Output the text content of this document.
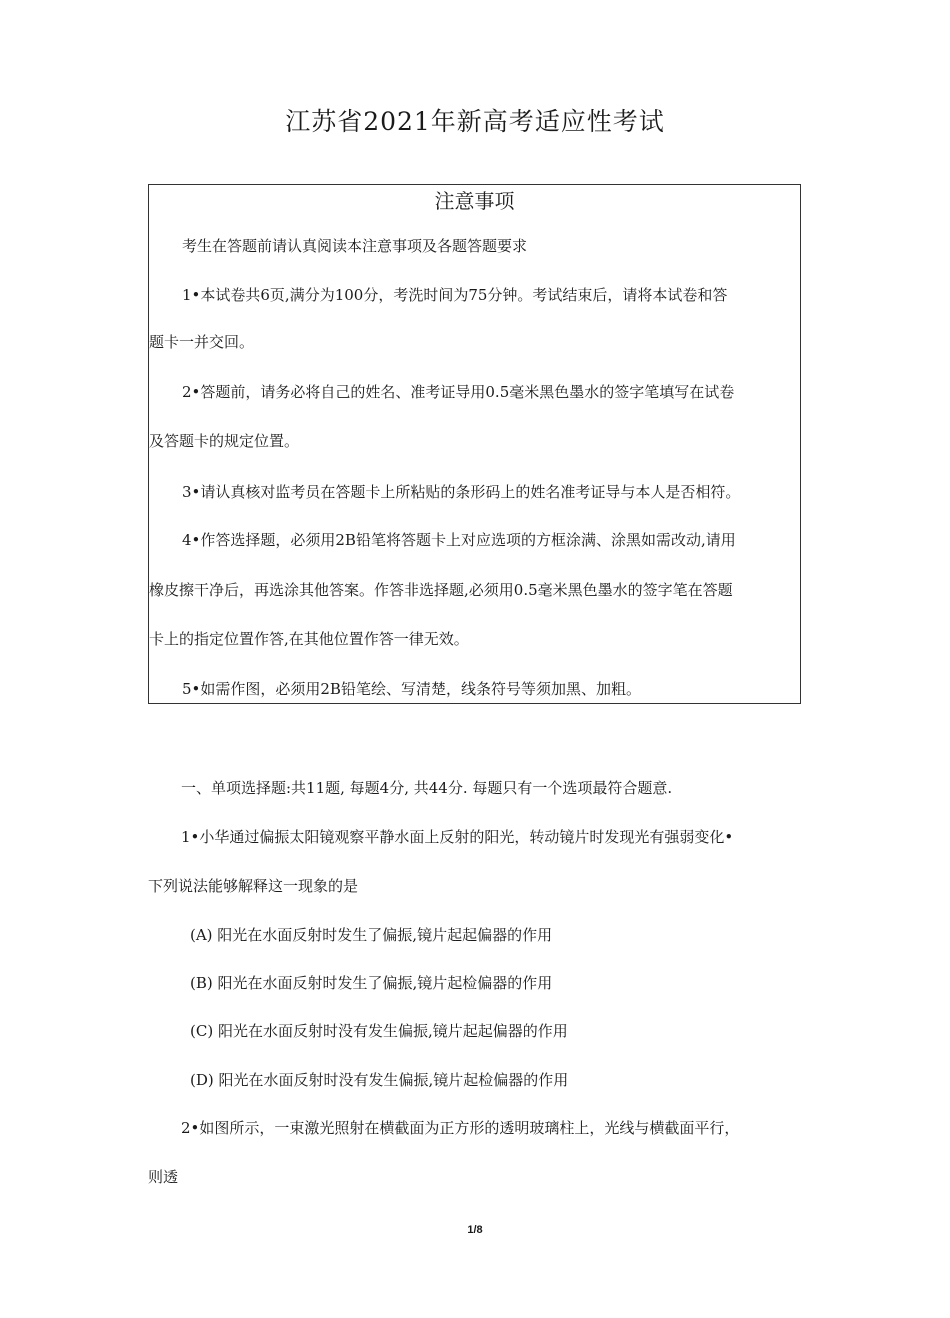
江苏省2021年新高考适应性考试
注意事项
考生在答题前请认真阅读本注意事项及各题答题要求
1•本试卷共6页,满分为100分，考洗时间为75分钟。考试结束后，请将本试卷和答
题卡一并交回。
2•答题前，请务必将自己的姓名、准考证导用0.5毫米黑色墨水的签字笔填写在试卷
及答题卡的规定位置。
3•请认真核对监考员在答题卡上所粘贴的条形码上的姓名准考证导与本人是否相符。
4•作答选择题，必须用2B铅笔将答题卡上对应选项的方框涂满、涂黑如需改动,请用
橡皮擦干净后，再选涂其他答案。作答非选择题,必须用0.5毫米黑色墨水的签字笔在答题
卡上的指定位置作答,在其他位置作答一律无效。
5•如需作图，必须用2B铅笔绘、写清楚，线条符号等须加黑、加粗。
一、单项选择题:共11题, 每题4分, 共44分. 每题只有一个选项最符合题意.
1•小华通过偏振太阳镜观察平静水面上反射的阳光，转动镜片时发现光有强弱变化•
下列说法能够解释这一现象的是
(A) 阳光在水面反射时发生了偏振,镜片起起偏器的作用
(B) 阳光在水面反射时发生了偏振,镜片起检偏器的作用
(C) 阳光在水面反射时没有发生偏振,镜片起起偏器的作用
(D) 阳光在水面反射时没有发生偏振,镜片起检偏器的作用
2•如图所示，一束激光照射在横截面为正方形的透明玻璃柱上，光线与横截面平行，
则透
1/8
